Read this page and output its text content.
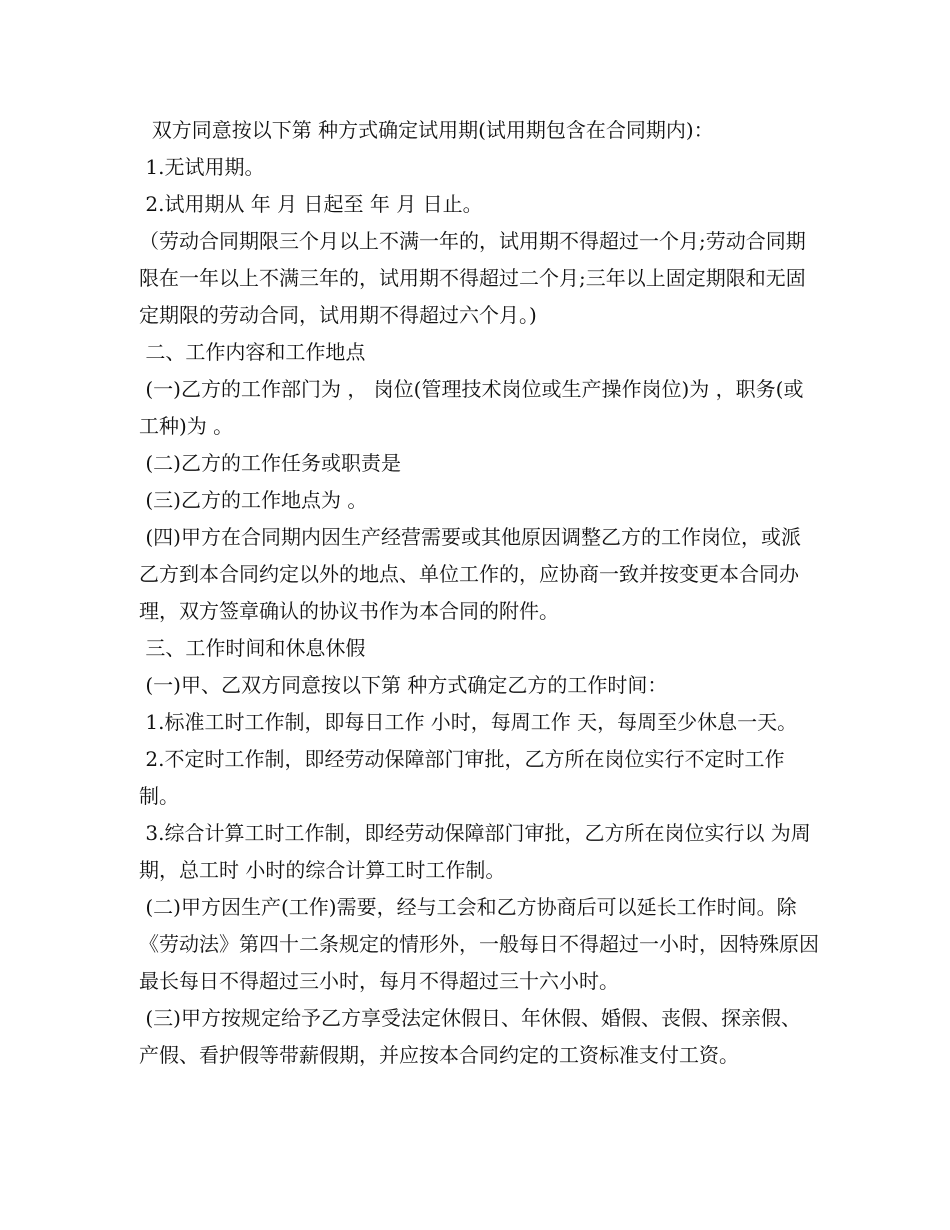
双方同意按以下第 种方式确定试用期(试用期包含在合同期内)：

1.无试用期。

2.试用期从 年 月 日起至 年 月 日止。

（劳动合同期限三个月以上不满一年的，试用期不得超过一个月;劳动合同期限在一年以上不满三年的，试用期不得超过二个月;三年以上固定期限和无固定期限的劳动合同，试用期不得超过六个月。)

二、工作内容和工作地点

(一)乙方的工作部门为 ， 岗位(管理技术岗位或生产操作岗位)为 ，职务(或工种)为 。

(二)乙方的工作任务或职责是

(三)乙方的工作地点为 。

(四)甲方在合同期内因生产经营需要或其他原因调整乙方的工作岗位，或派乙方到本合同约定以外的地点、单位工作的，应协商一致并按变更本合同办理，双方签章确认的协议书作为本合同的附件。

三、工作时间和休息休假

(一)甲、乙双方同意按以下第 种方式确定乙方的工作时间：

1.标准工时工作制，即每日工作 小时，每周工作 天，每周至少休息一天。

2.不定时工作制，即经劳动保障部门审批，乙方所在岗位实行不定时工作制。

3.综合计算工时工作制，即经劳动保障部门审批，乙方所在岗位实行以 为周期，总工时 小时的综合计算工时工作制。

(二)甲方因生产(工作)需要，经与工会和乙方协商后可以延长工作时间。除《劳动法》第四十二条规定的情形外，一般每日不得超过一小时，因特殊原因最长每日不得超过三小时，每月不得超过三十六小时。

(三)甲方按规定给予乙方享受法定休假日、年休假、婚假、丧假、探亲假、产假、看护假等带薪假期，并应按本合同约定的工资标准支付工资。
